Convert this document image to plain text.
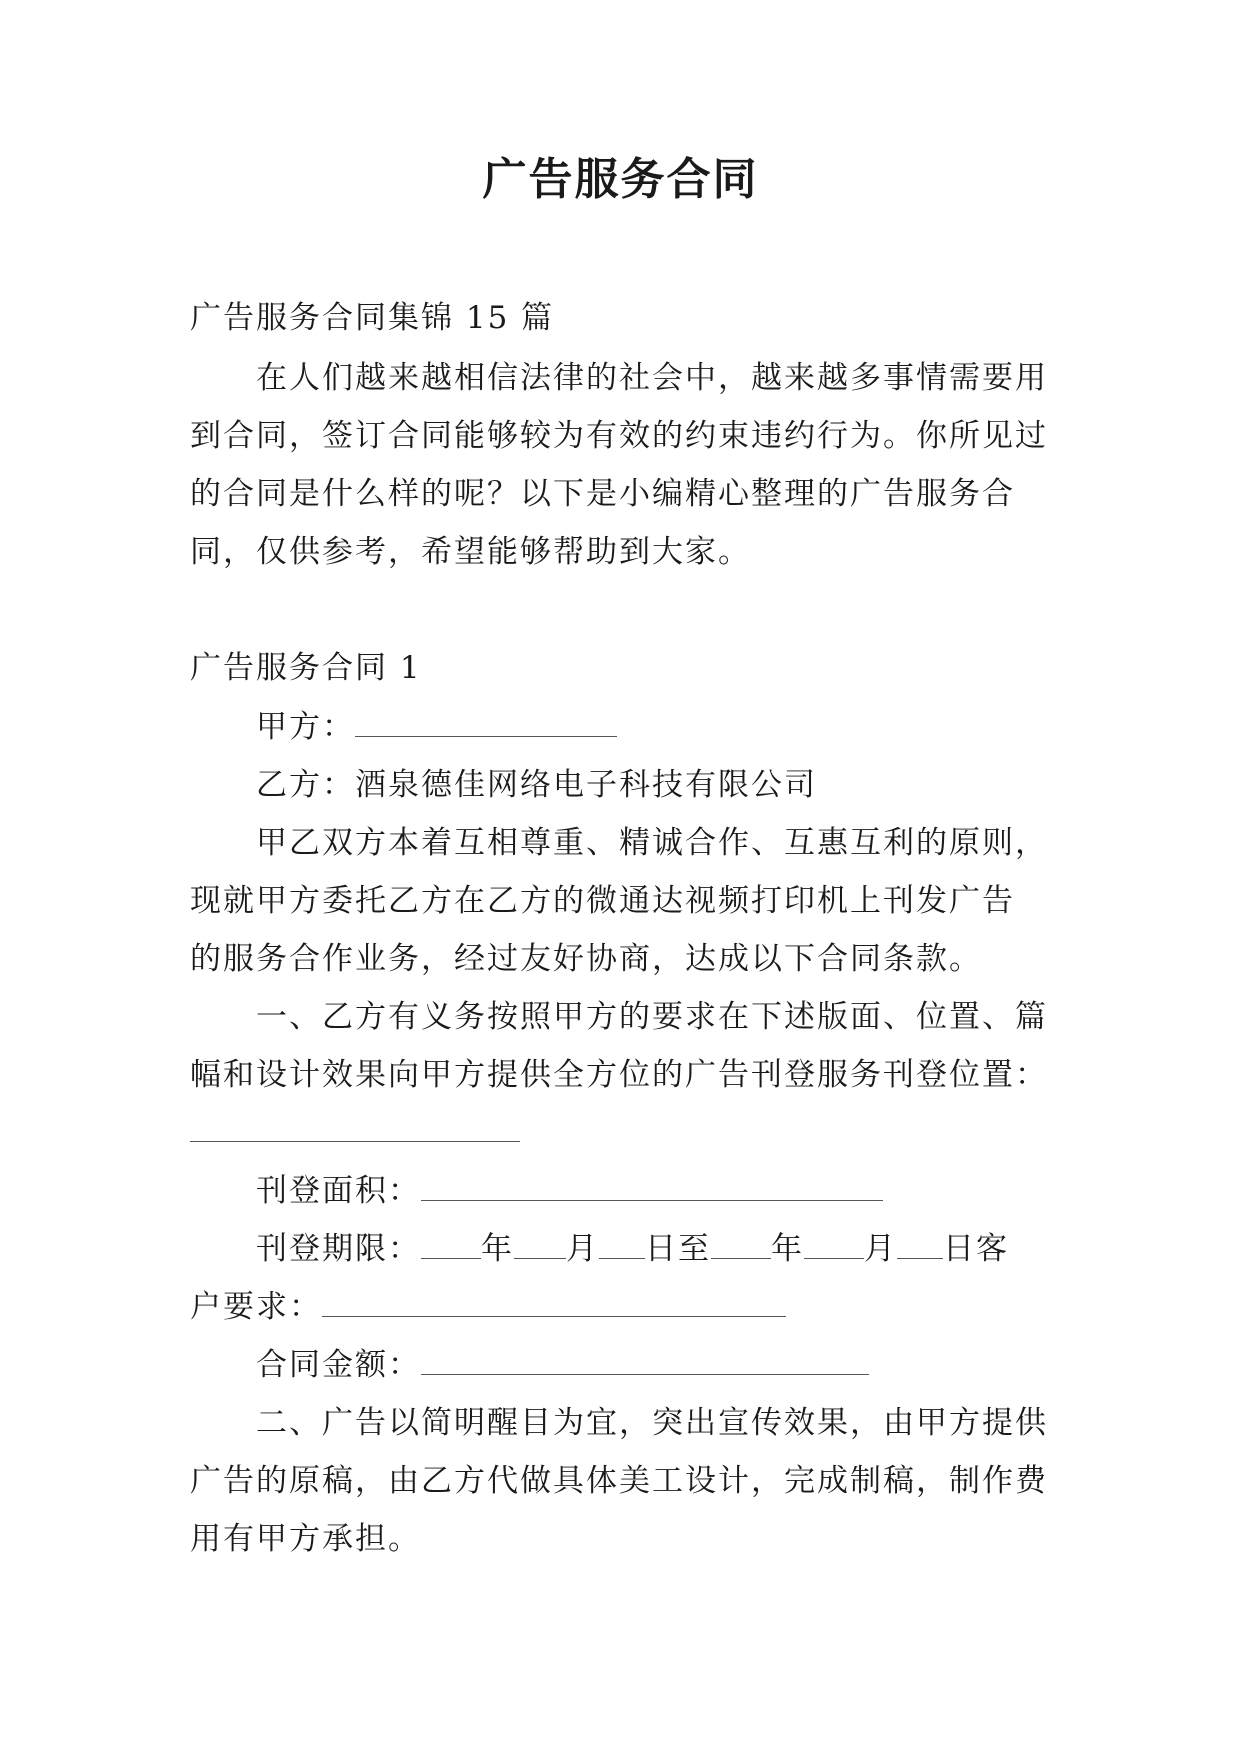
广告服务合同
广告服务合同集锦 15 篇
在人们越来越相信法律的社会中，越来越多事情需要用
到合同，签订合同能够较为有效的约束违约行为。你所见过
的合同是什么样的呢？以下是小编精心整理的广告服务合
同，仅供参考，希望能够帮助到大家。
广告服务合同 1
甲方：
乙方：酒泉德佳网络电子科技有限公司
甲乙双方本着互相尊重、精诚合作、互惠互利的原则，
现就甲方委托乙方在乙方的微通达视频打印机上刊发广告
的服务合作业务，经过友好协商，达成以下合同条款。
一、乙方有义务按照甲方的要求在下述版面、位置、篇
幅和设计效果向甲方提供全方位的广告刊登服务刊登位置：
刊登面积：
刊登期限： 年 月 日至 年 月 日客
户要求：
合同金额：
二、广告以简明醒目为宜，突出宣传效果，由甲方提供
广告的原稿，由乙方代做具体美工设计，完成制稿，制作费
用有甲方承担。
